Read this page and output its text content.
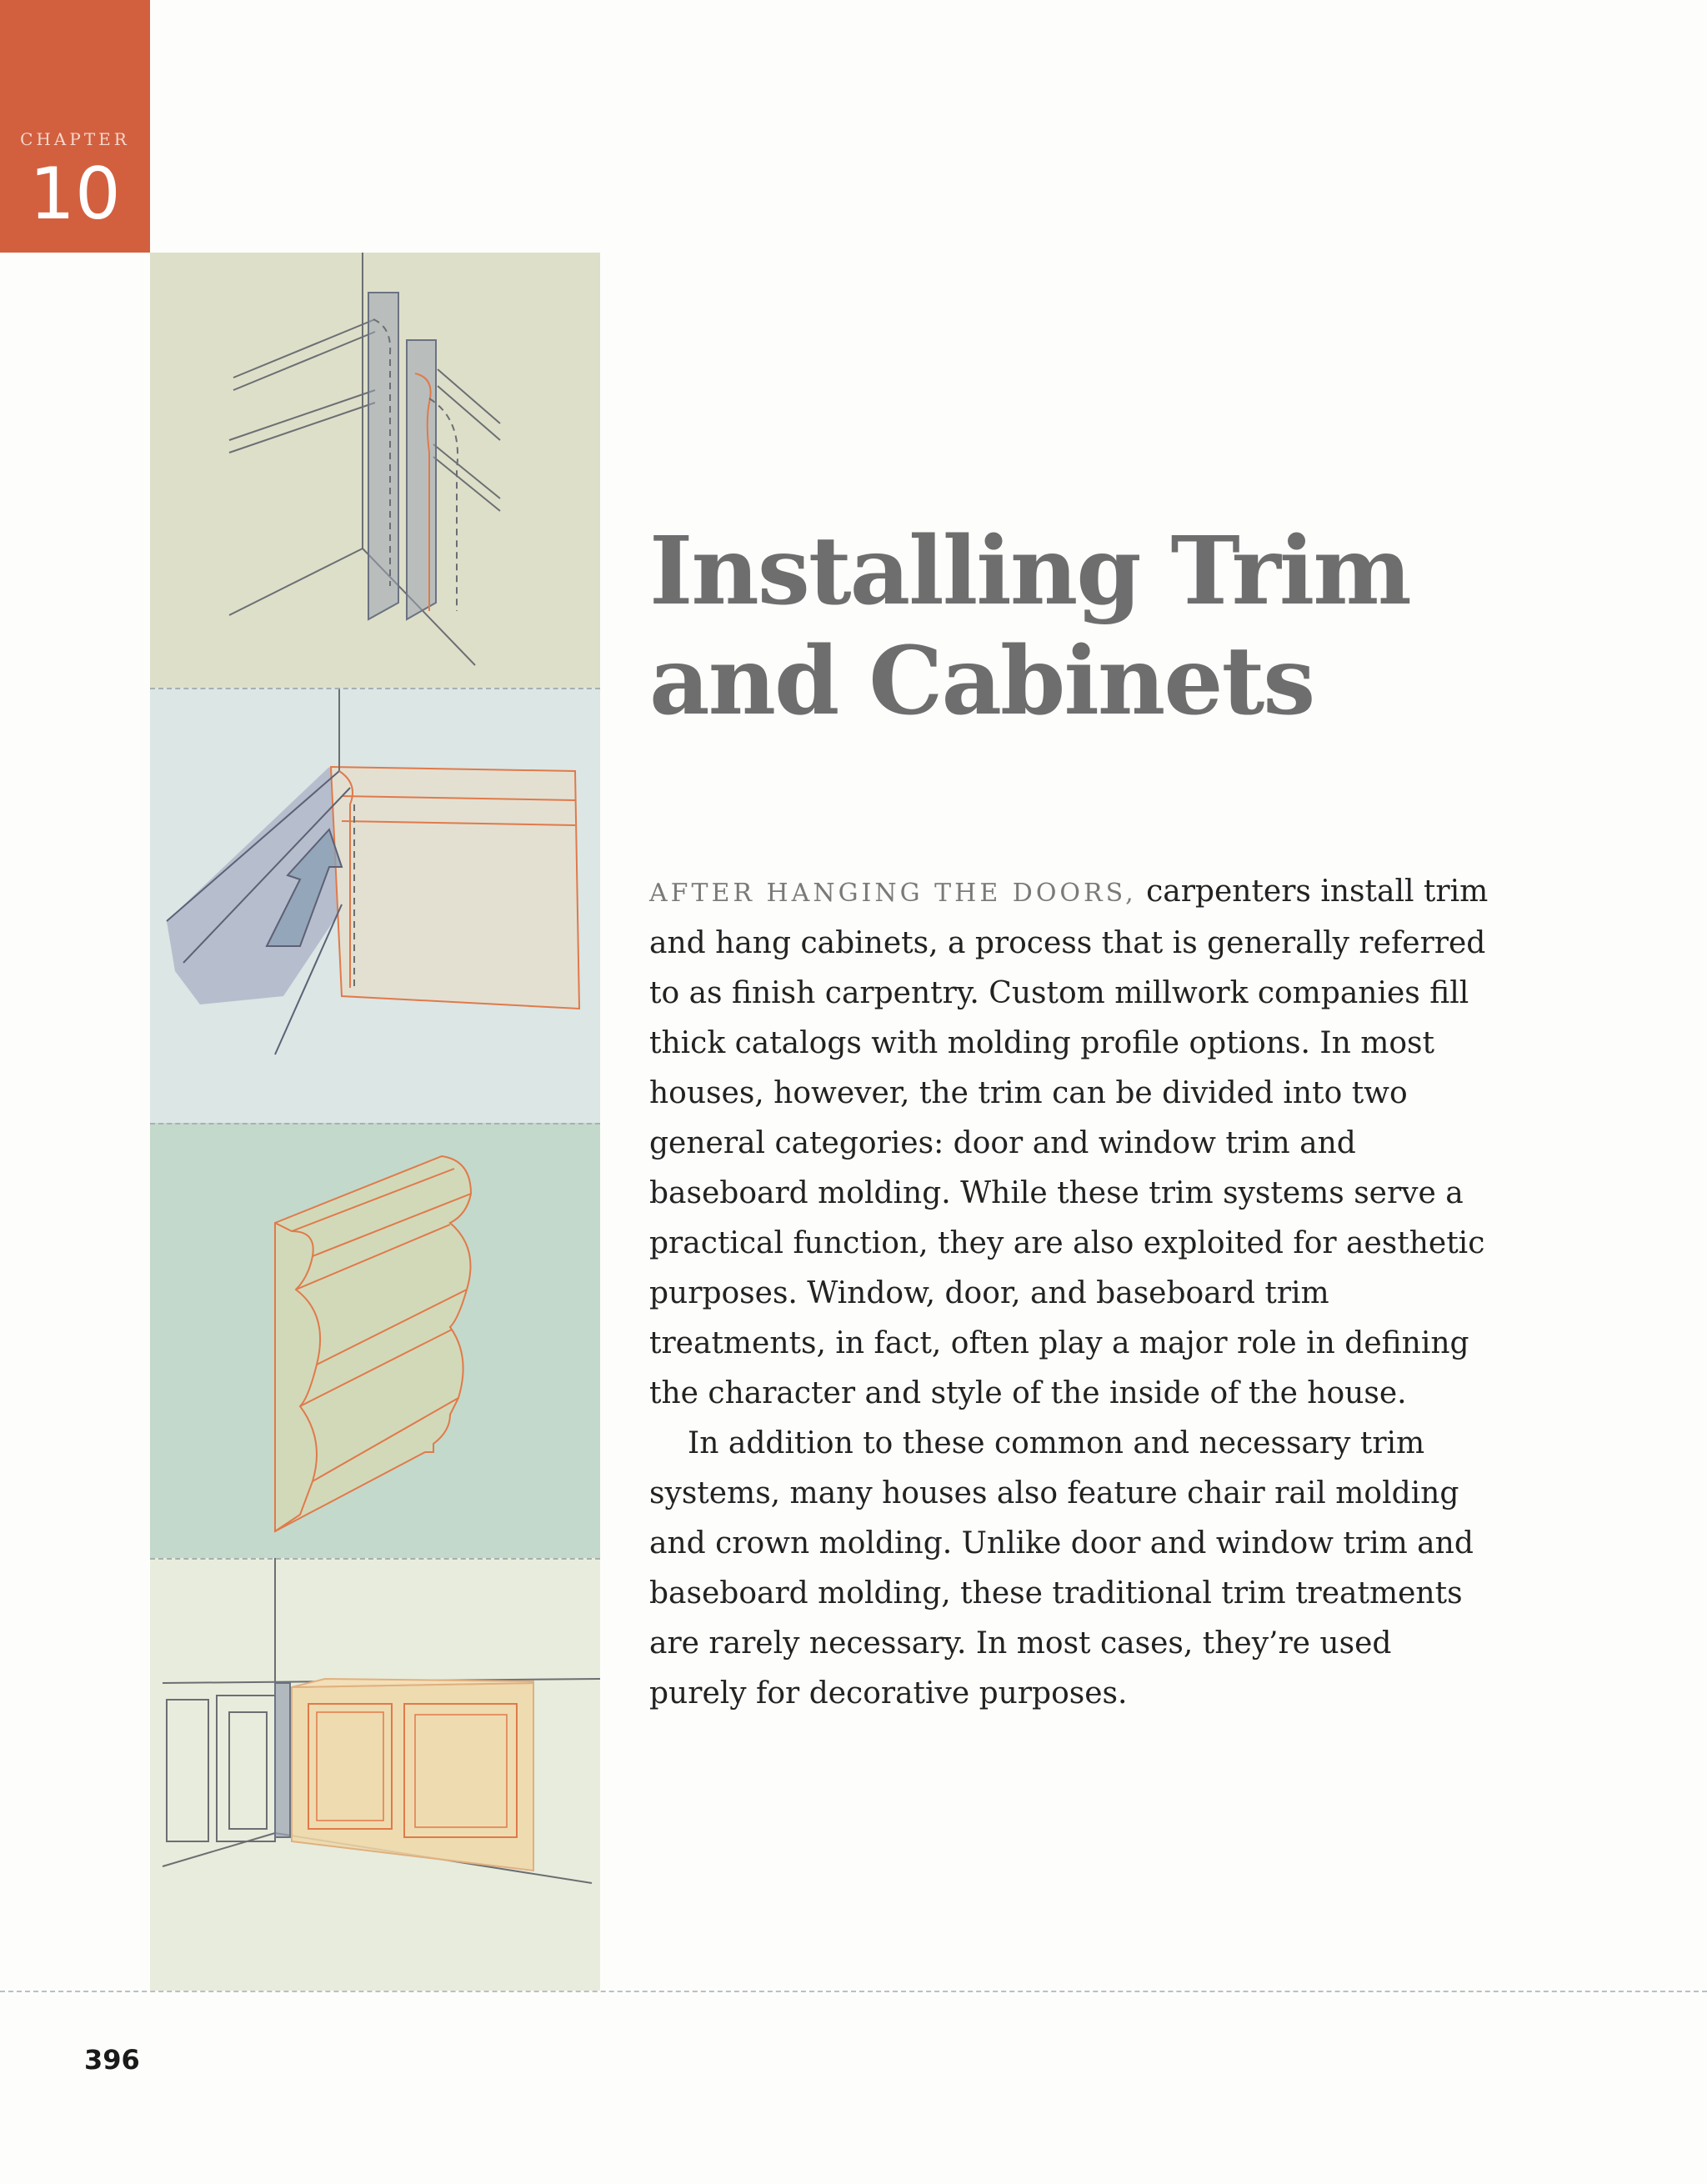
CHAPTER
10
Installing Trim
and Cabinets

AFTER HANGING THE DOORS, carpenters install trim and hang cabinets, a process that is generally referred to as finish carpentry. Custom millwork companies fill thick catalogs with molding profile options. In most houses, however, the trim can be divided into two general categories: door and window trim and baseboard molding. While these trim systems serve a practical function, they are also exploited for aesthetic purposes. Window, door, and baseboard trim treatments, in fact, often play a major role in defining the character and style of the inside of the house.

In addition to these common and necessary trim systems, many houses also feature chair rail molding and crown molding. Unlike door and window trim and baseboard molding, these traditional trim treatments are rarely necessary. In most cases, they’re used purely for decorative purposes.

396
